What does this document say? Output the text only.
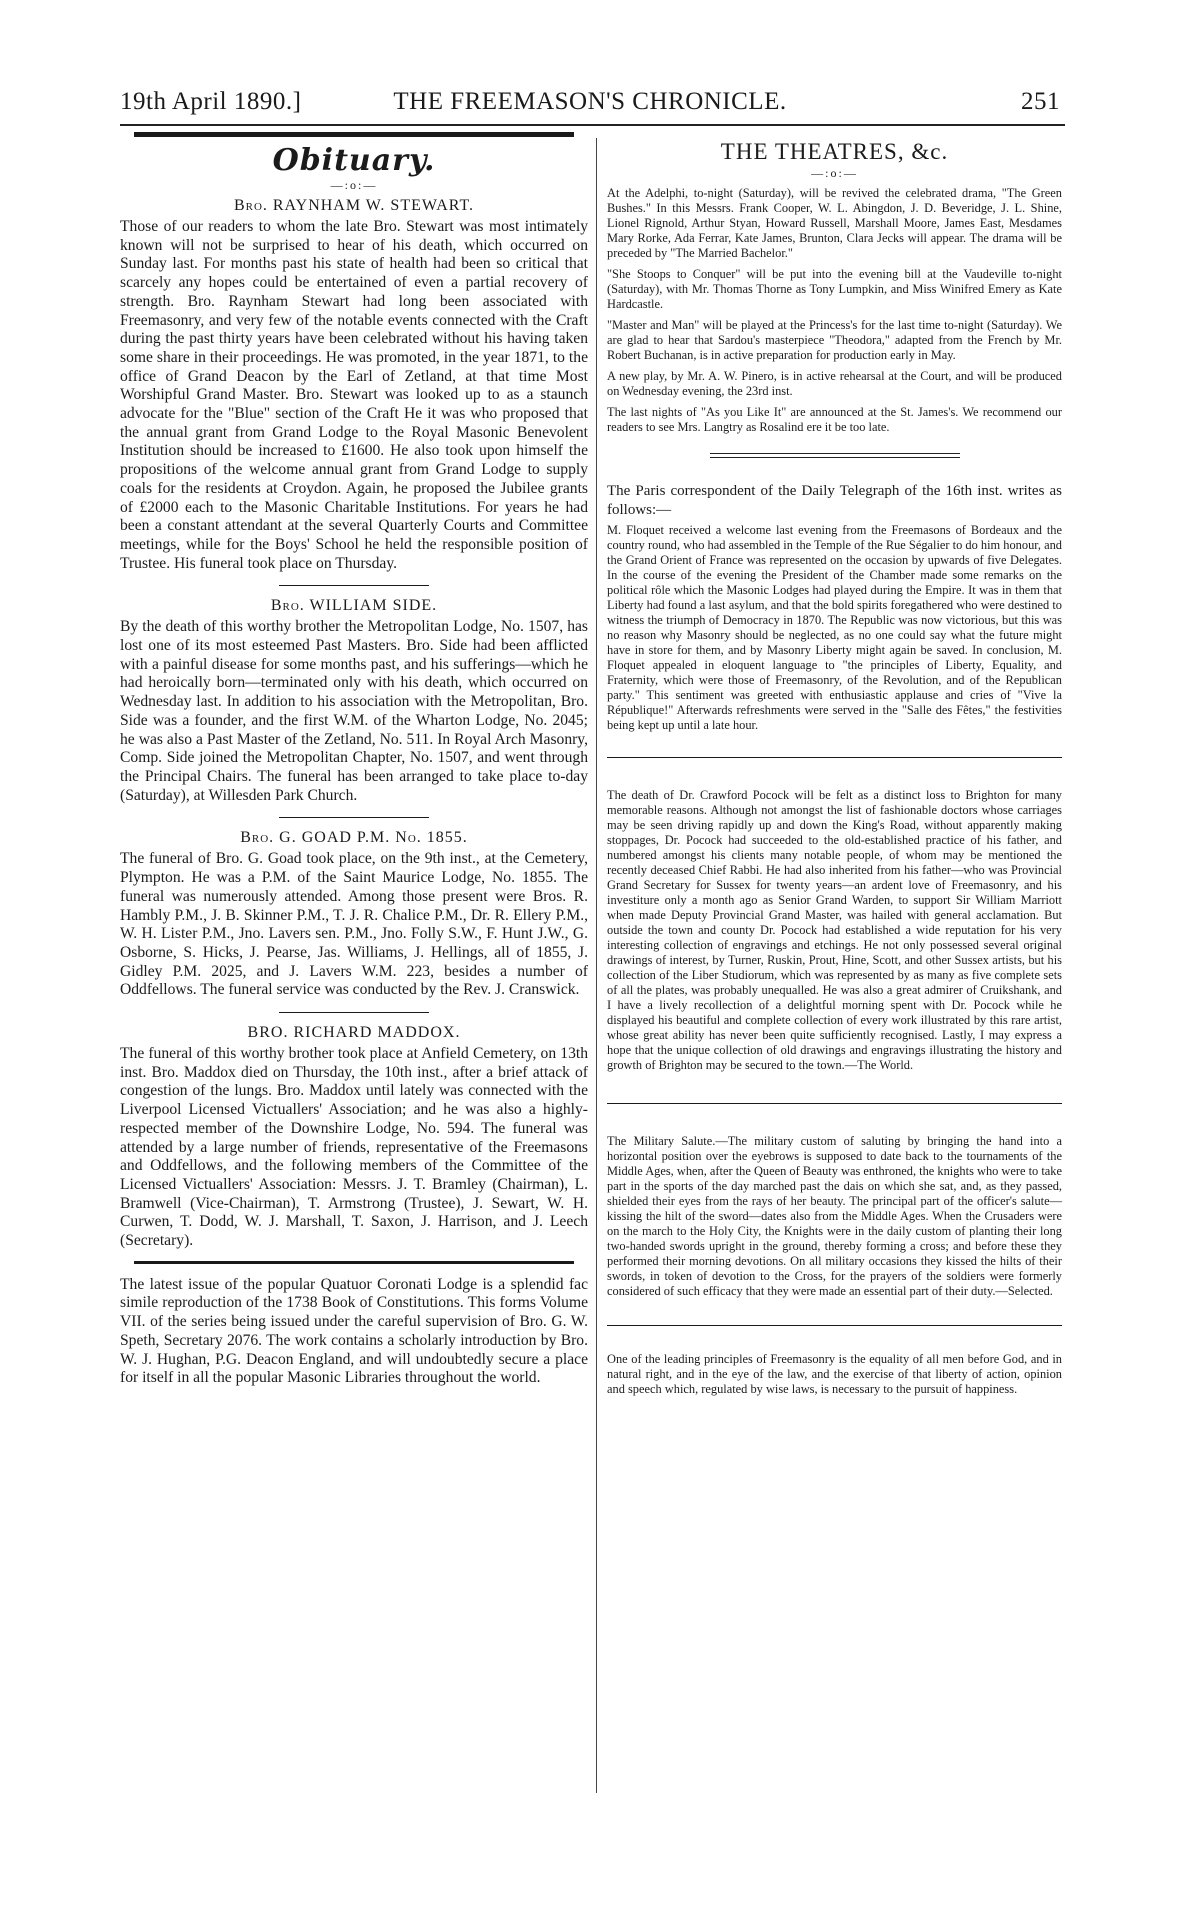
19th April 1890.]	THE FREEMASON'S CHRONICLE.	251
Obituary.
—:o:—
Bro. RAYNHAM W. STEWART.

Those of our readers to whom the late Bro. Stewart was most intimately known will not be surprised to hear of his death, which occurred on Sunday last. For months past his state of health had been so critical that scarcely any hopes could be entertained of even a partial recovery of strength. Bro. Raynham Stewart had long been associated with Freemasonry, and very few of the notable events connected with the Craft during the past thirty years have been celebrated without his having taken some share in their proceedings. He was promoted, in the year 1871, to the office of Grand Deacon by the Earl of Zetland, at that time Most Worshipful Grand Master. Bro. Stewart was looked up to as a staunch advocate for the "Blue" section of the Craft He it was who proposed that the annual grant from Grand Lodge to the Royal Masonic Benevolent Institution should be increased to £1600. He also took upon himself the propositions of the welcome annual grant from Grand Lodge to supply coals for the residents at Croydon. Again, he proposed the Jubilee grants of £2000 each to the Masonic Charitable Institutions. For years he had been a constant attendant at the several Quarterly Courts and Committee meetings, while for the Boys' School he held the responsible position of Trustee. His funeral took place on Thursday.

Bro. WILLIAM SIDE.

By the death of this worthy brother the Metropolitan Lodge, No. 1507, has lost one of its most esteemed Past Masters. Bro. Side had been afflicted with a painful disease for some months past, and his sufferings—which he had heroically born—terminated only with his death, which occurred on Wednesday last. In addition to his association with the Metropolitan, Bro. Side was a founder, and the first W.M. of the Wharton Lodge, No. 2045; he was also a Past Master of the Zetland, No. 511. In Royal Arch Masonry, Comp. Side joined the Metropolitan Chapter, No. 1507, and went through the Principal Chairs. The funeral has been arranged to take place to-day (Saturday), at Willesden Park Church.

Bro. G. GOAD P.M. No. 1855.

The funeral of Bro. G. Goad took place, on the 9th inst., at the Cemetery, Plympton. He was a P.M. of the Saint Maurice Lodge, No. 1855. The funeral was numerously attended. Among those present were Bros. R. Hambly P.M., J. B. Skinner P.M., T. J. R. Chalice P.M., Dr. R. Ellery P.M., W. H. Lister P.M., Jno. Lavers sen. P.M., Jno. Folly S.W., F. Hunt J.W., G. Osborne, S. Hicks, J. Pearse, Jas. Williams, J. Hellings, all of 1855, J. Gidley P.M. 2025, and J. Lavers W.M. 223, besides a number of Oddfellows. The funeral service was conducted by the Rev. J. Cranswick.

BRO. RICHARD MADDOX.

The funeral of this worthy brother took place at Anfield Cemetery, on 13th inst. Bro. Maddox died on Thursday, the 10th inst., after a brief attack of congestion of the lungs. Bro. Maddox until lately was connected with the Liverpool Licensed Victuallers' Association; and he was also a highly-respected member of the Downshire Lodge, No. 594. The funeral was attended by a large number of friends, representative of the Freemasons and Oddfellows, and the following members of the Committee of the Licensed Victuallers' Association: Messrs. J. T. Bramley (Chairman), L. Bramwell (Vice-Chairman), T. Armstrong (Trustee), J. Sewart, W. H. Curwen, T. Dodd, W. J. Marshall, T. Saxon, J. Harrison, and J. Leech (Secretary).

The latest issue of the popular Quatuor Coronati Lodge is a splendid fac simile reproduction of the 1738 Book of Constitutions. This forms Volume VII. of the series being issued under the careful supervision of Bro. G. W. Speth, Secretary 2076. The work contains a scholarly introduction by Bro. W. J. Hughan, P.G. Deacon England, and will undoubtedly secure a place for itself in all the popular Masonic Libraries throughout the world.

THE THEATRES, &c.
—:o:—

At the Adelphi, to-night (Saturday), will be revived the celebrated drama, "The Green Bushes." In this Messrs. Frank Cooper, W. L. Abingdon, J. D. Beveridge, J. L. Shine, Lionel Rignold, Arthur Styan, Howard Russell, Marshall Moore, James East, Mesdames Mary Rorke, Ada Ferrar, Kate James, Brunton, Clara Jecks will appear. The drama will be preceded by "The Married Bachelor."

"She Stoops to Conquer" will be put into the evening bill at the Vaudeville to-night (Saturday), with Mr. Thomas Thorne as Tony Lumpkin, and Miss Winifred Emery as Kate Hardcastle.

"Master and Man" will be played at the Princess's for the last time to-night (Saturday). We are glad to hear that Sardou's masterpiece "Theodora," adapted from the French by Mr. Robert Buchanan, is in active preparation for production early in May.

A new play, by Mr. A. W. Pinero, is in active rehearsal at the Court, and will be produced on Wednesday evening, the 23rd inst.

The last nights of "As you Like It" are announced at the St. James's. We recommend our readers to see Mrs. Langtry as Rosalind ere it be too late.

The Paris correspondent of the Daily Telegraph of the 16th inst. writes as follows:—

M. Floquet received a welcome last evening from the Freemasons of Bordeaux and the country round, who had assembled in the Temple of the Rue Ségalier to do him honour, and the Grand Orient of France was represented on the occasion by upwards of five Delegates. In the course of the evening the President of the Chamber made some remarks on the political rôle which the Masonic Lodges had played during the Empire. It was in them that Liberty had found a last asylum, and that the bold spirits foregathered who were destined to witness the triumph of Democracy in 1870. The Republic was now victorious, but this was no reason why Masonry should be neglected, as no one could say what the future might have in store for them, and by Masonry Liberty might again be saved. In conclusion, M. Floquet appealed in eloquent language to "the principles of Liberty, Equality, and Fraternity, which were those of Freemasonry, of the Revolution, and of the Republican party." This sentiment was greeted with enthusiastic applause and cries of "Vive la République!" Afterwards refreshments were served in the "Salle des Fêtes," the festivities being kept up until a late hour.

The death of Dr. Crawford Pocock will be felt as a distinct loss to Brighton for many memorable reasons. Although not amongst the list of fashionable doctors whose carriages may be seen driving rapidly up and down the King's Road, without apparently making stoppages, Dr. Pocock had succeeded to the old-established practice of his father, and numbered amongst his clients many notable people, of whom may be mentioned the recently deceased Chief Rabbi. He had also inherited from his father—who was Provincial Grand Secretary for Sussex for twenty years—an ardent love of Freemasonry, and his investiture only a month ago as Senior Grand Warden, to support Sir William Marriott when made Deputy Provincial Grand Master, was hailed with general acclamation. But outside the town and county Dr. Pocock had established a wide reputation for his very interesting collection of engravings and etchings. He not only possessed several original drawings of interest, by Turner, Ruskin, Prout, Hine, Scott, and other Sussex artists, but his collection of the Liber Studiorum, which was represented by as many as five complete sets of all the plates, was probably unequalled. He was also a great admirer of Cruikshank, and I have a lively recollection of a delightful morning spent with Dr. Pocock while he displayed his beautiful and complete collection of every work illustrated by this rare artist, whose great ability has never been quite sufficiently recognised. Lastly, I may express a hope that the unique collection of old drawings and engravings illustrating the history and growth of Brighton may be secured to the town.—The World.

The Military Salute.—The military custom of saluting by bringing the hand into a horizontal position over the eyebrows is supposed to date back to the tournaments of the Middle Ages, when, after the Queen of Beauty was enthroned, the knights who were to take part in the sports of the day marched past the dais on which she sat, and, as they passed, shielded their eyes from the rays of her beauty. The principal part of the officer's salute—kissing the hilt of the sword—dates also from the Middle Ages. When the Crusaders were on the march to the Holy City, the Knights were in the daily custom of planting their long two-handed swords upright in the ground, thereby forming a cross; and before these they performed their morning devotions. On all military occasions they kissed the hilts of their swords, in token of devotion to the Cross, for the prayers of the soldiers were formerly considered of such efficacy that they were made an essential part of their duty.—Selected.

One of the leading principles of Freemasonry is the equality of all men before God, and in natural right, and in the eye of the law, and the exercise of that liberty of action, opinion and speech which, regulated by wise laws, is necessary to the pursuit of happiness.
